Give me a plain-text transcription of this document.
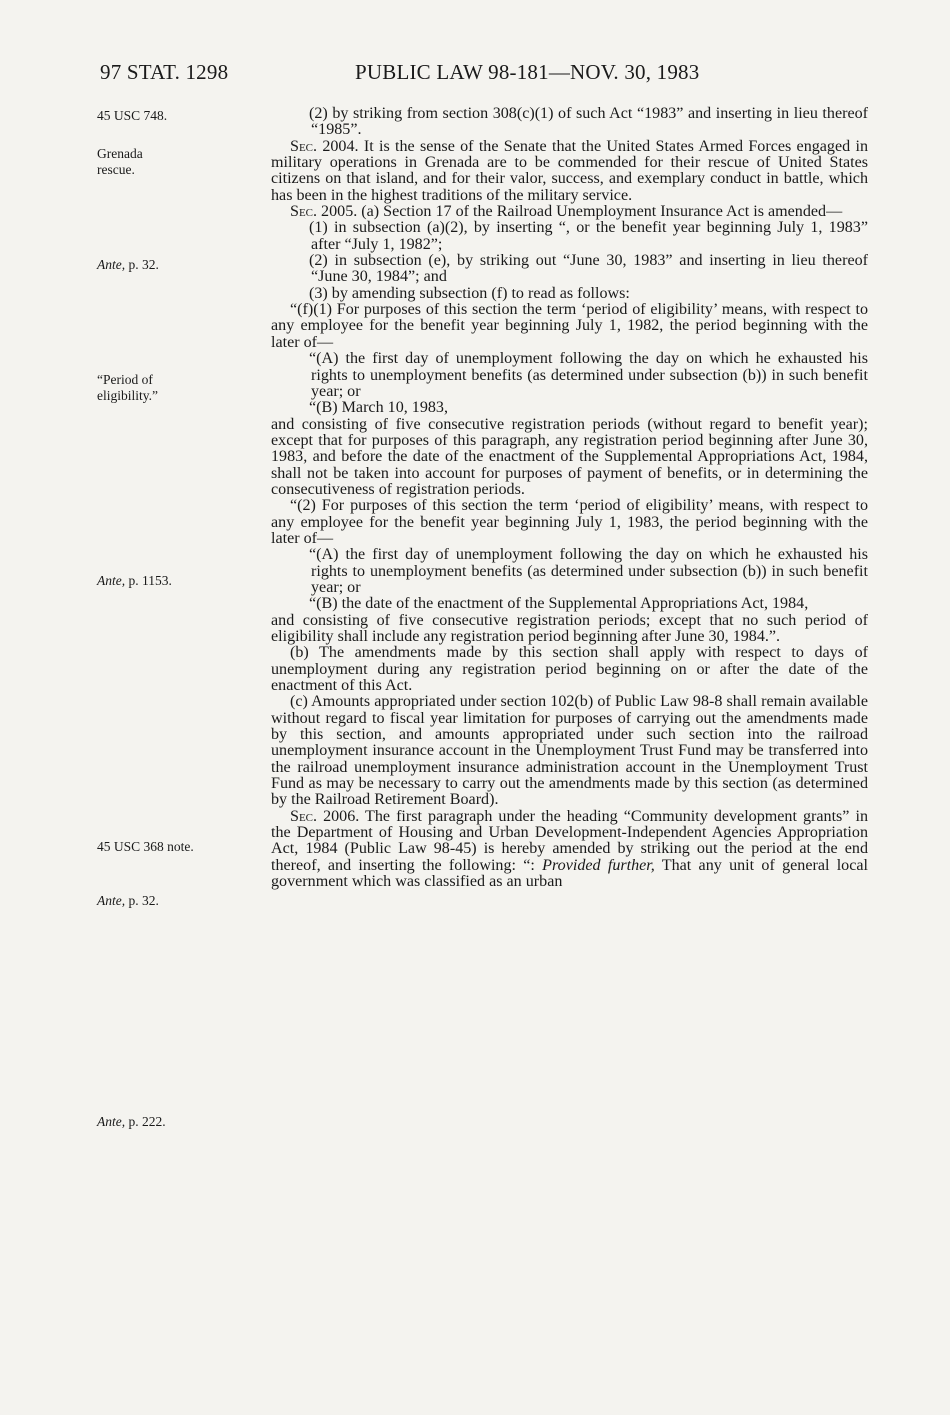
97 STAT. 1298	PUBLIC LAW 98-181—NOV. 30, 1983
45 USC 748.
Grenada rescue.
Ante, p. 32.
“Period of eligibility.”
Ante, p. 1153.
45 USC 368 note.
Ante, p. 32.
Ante, p. 222.

(2) by striking from section 308(c)(1) of such Act “1983” and inserting in lieu thereof “1985”.

Sec. 2004. It is the sense of the Senate that the United States Armed Forces engaged in military operations in Grenada are to be commended for their rescue of United States citizens on that island, and for their valor, success, and exemplary conduct in battle, which has been in the highest traditions of the military service.

Sec. 2005. (a) Section 17 of the Railroad Unemployment Insurance Act is amended—

(1) in subsection (a)(2), by inserting “, or the benefit year beginning July 1, 1983” after “July 1, 1982”;

(2) in subsection (e), by striking out “June 30, 1983” and inserting in lieu thereof “June 30, 1984”; and

(3) by amending subsection (f) to read as follows:

“(f)(1) For purposes of this section the term ‘period of eligibility’ means, with respect to any employee for the benefit year beginning July 1, 1982, the period beginning with the later of—

“(A) the first day of unemployment following the day on which he exhausted his rights to unemployment benefits (as determined under subsection (b)) in such benefit year; or

“(B) March 10, 1983,

and consisting of five consecutive registration periods (without regard to benefit year); except that for purposes of this paragraph, any registration period beginning after June 30, 1983, and before the date of the enactment of the Supplemental Appropriations Act, 1984, shall not be taken into account for purposes of payment of benefits, or in determining the consecutiveness of registration periods.

“(2) For purposes of this section the term ‘period of eligibility’ means, with respect to any employee for the benefit year beginning July 1, 1983, the period beginning with the later of—

“(A) the first day of unemployment following the day on which he exhausted his rights to unemployment benefits (as determined under subsection (b)) in such benefit year; or

“(B) the date of the enactment of the Supplemental Appropriations Act, 1984,

and consisting of five consecutive registration periods; except that no such period of eligibility shall include any registration period beginning after June 30, 1984.”.

(b) The amendments made by this section shall apply with respect to days of unemployment during any registration period beginning on or after the date of the enactment of this Act.

(c) Amounts appropriated under section 102(b) of Public Law 98-8 shall remain available without regard to fiscal year limitation for purposes of carrying out the amendments made by this section, and amounts appropriated under such section into the railroad unemployment insurance account in the Unemployment Trust Fund may be transferred into the railroad unemployment insurance administration account in the Unemployment Trust Fund as may be necessary to carry out the amendments made by this section (as determined by the Railroad Retirement Board).

Sec. 2006. The first paragraph under the heading “Community development grants” in the Department of Housing and Urban Development-Independent Agencies Appropriation Act, 1984 (Public Law 98-45) is hereby amended by striking out the period at the end thereof, and inserting the following: “: Provided further, That any unit of general local government which was classified as an urban
